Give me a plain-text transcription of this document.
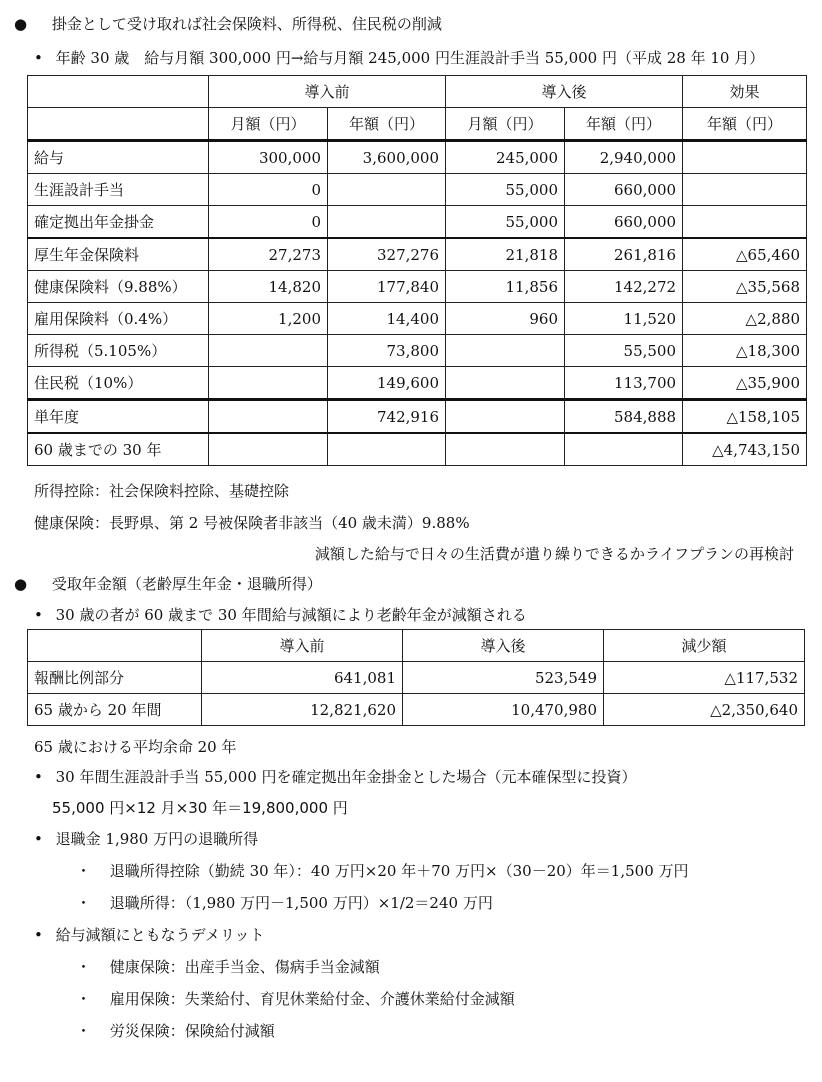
● 掛金として受け取れば社会保険料、所得税、住民税の削減
• 年齢 30 歳　給与月額 300,000 円→給与月額 245,000 円生涯設計手当 55,000 円（平成 28 年 10 月）
	導入前		導入後		効果
	月額（円）	年額（円）	月額（円）	年額（円）	年額（円）
給与	300,000	3,600,000	245,000	2,940,000	
生涯設計手当	0		55,000	660,000	
確定拠出年金掛金	0		55,000	660,000	
厚生年金保険料	27,273	327,276	21,818	261,816	△65,460
健康保険料（9.88%）	14,820	177,840	11,856	142,272	△35,568
雇用保険料（0.4%）	1,200	14,400	960	11,520	△2,880
所得税（5.105%）		73,800		55,500	△18,300
住民税（10%）		149,600		113,700	△35,900
単年度		742,916		584,888	△158,105
60 歳までの 30 年					△4,743,150
所得控除：社会保険料控除、基礎控除
健康保険：長野県、第 2 号被保険者非該当（40 歳未満）9.88%
減額した給与で日々の生活費が遣り繰りできるかライフプランの再検討
● 受取年金額（老齢厚生年金・退職所得）
• 30 歳の者が 60 歳まで 30 年間給与減額により老齢年金が減額される
	導入前	導入後	減少額
報酬比例部分	641,081	523,549	△117,532
65 歳から 20 年間	12,821,620	10,470,980	△2,350,640
65 歳における平均余命 20 年
• 30 年間生涯設計手当 55,000 円を確定拠出年金掛金とした場合（元本確保型に投資）
55,000 円×12 月×30 年＝19,800,000 円
• 退職金 1,980 万円の退職所得
・ 退職所得控除（勤続 30 年）：40 万円×20 年＋70 万円×（30－20）年＝1,500 万円
・ 退職所得：（1,980 万円－1,500 万円）×1/2＝240 万円
• 給与減額にともなうデメリット
・ 健康保険：出産手当金、傷病手当金減額
・ 雇用保険：失業給付、育児休業給付金、介護休業給付金減額
・ 労災保険：保険給付減額
